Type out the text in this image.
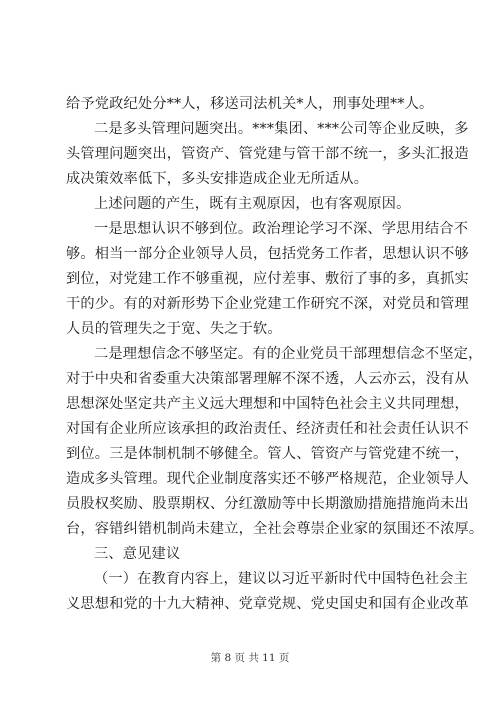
给予党政纪处分**人，移送司法机关*人，刑事处理**人。
二是多头管理问题突出。***集团、***公司等企业反映，多
头管理问题突出，管资产、管党建与管干部不统一，多头汇报造
成决策效率低下，多头安排造成企业无所适从。
上述问题的产生，既有主观原因，也有客观原因。
一是思想认识不够到位。政治理论学习不深、学思用结合不
够。相当一部分企业领导人员，包括党务工作者，思想认识不够
到位，对党建工作不够重视，应付差事、敷衍了事的多，真抓实
干的少。有的对新形势下企业党建工作研究不深，对党员和管理
人员的管理失之于宽、失之于软。
二是理想信念不够坚定。有的企业党员干部理想信念不坚定，
对于中央和省委重大决策部署理解不深不透，人云亦云，没有从
思想深处坚定共产主义远大理想和中国特色社会主义共同理想，
对国有企业所应该承担的政治责任、经济责任和社会责任认识不
到位。三是体制机制不够健全。管人、管资产与管党建不统一，
造成多头管理。现代企业制度落实还不够严格规范，企业领导人
员股权奖励、股票期权、分红激励等中长期激励措施措施尚未出
台，容错纠错机制尚未建立，全社会尊崇企业家的氛围还不浓厚。
三、意见建议
（一）在教育内容上，建议以习近平新时代中国特色社会主
义思想和党的十九大精神、党章党规、党史国史和国有企业改革
第 8 页 共 11 页
